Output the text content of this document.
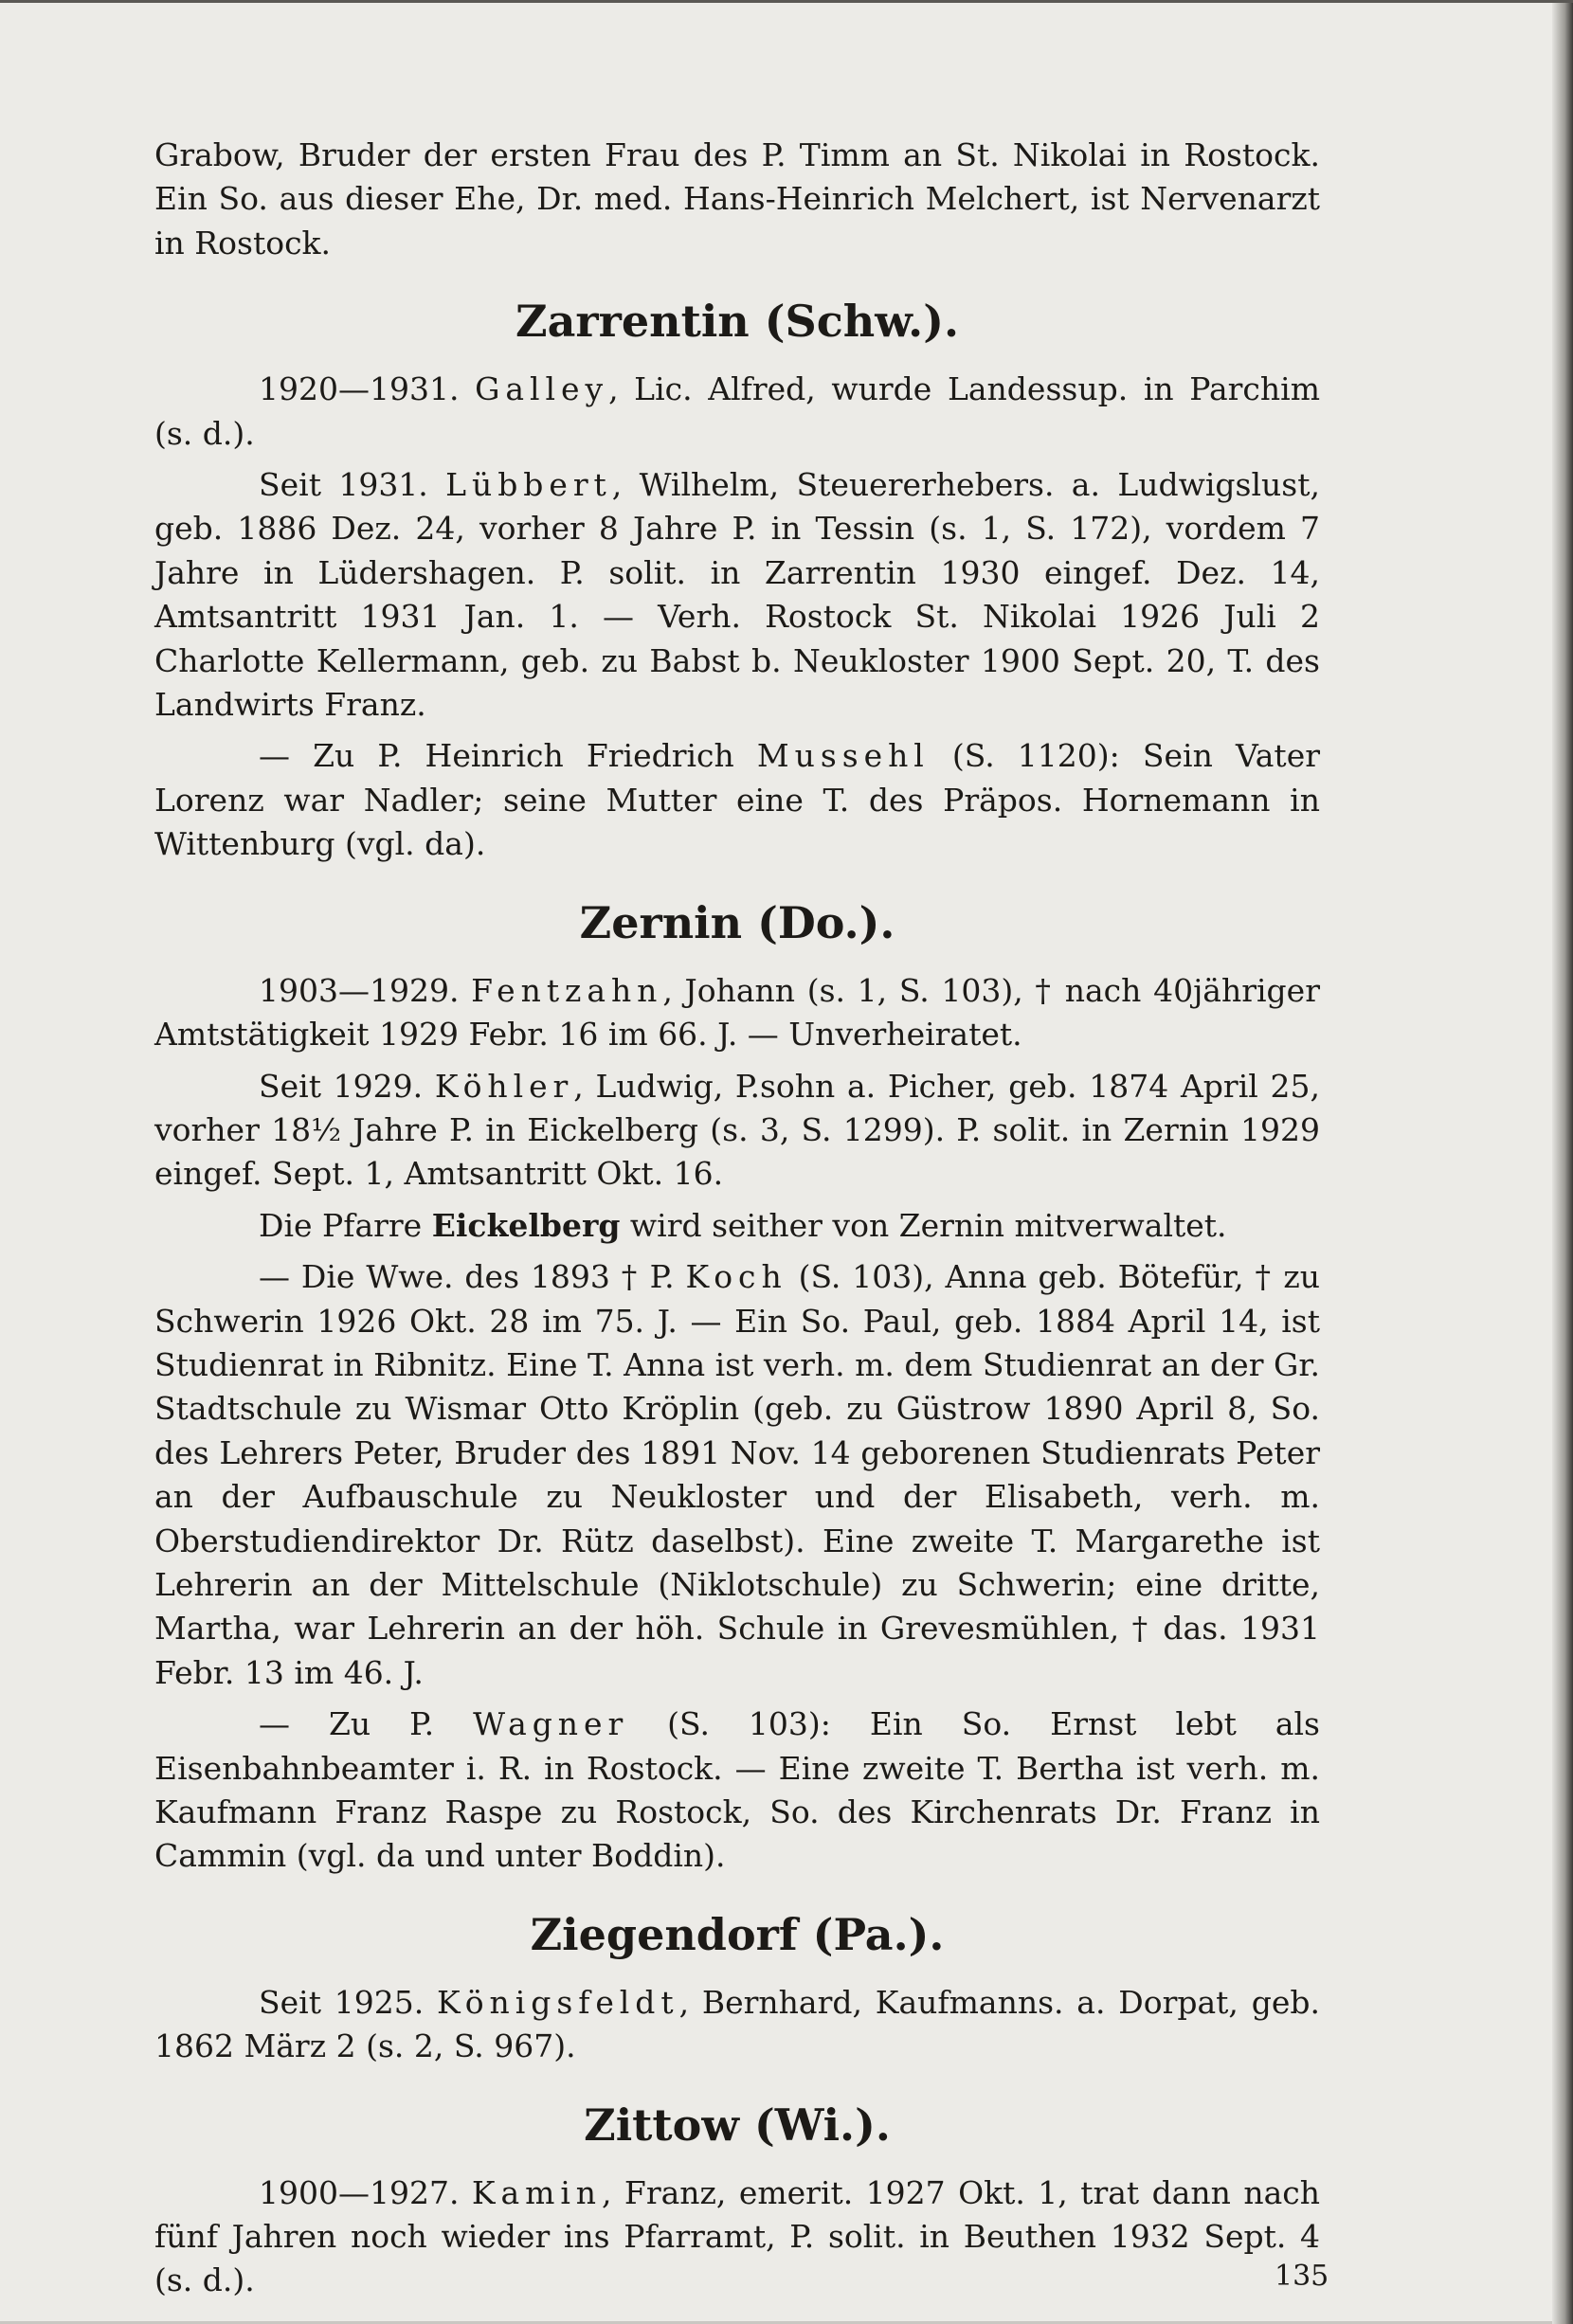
Grabow, Bruder der ersten Frau des P. Timm an St. Nikolai in Rostock. Ein So. aus dieser Ehe, Dr. med. Hans-Heinrich Melchert, ist Nervenarzt in Rostock.

Zarrentin (Schw.).

1920—1931. Galley, Lic. Alfred, wurde Landessup. in Parchim (s. d.).

Seit 1931. Lübbert, Wilhelm, Steuererhebers. a. Ludwigslust, geb. 1886 Dez. 24, vorher 8 Jahre P. in Tessin (s. 1, S. 172), vordem 7 Jahre in Lüdershagen. P. solit. in Zarrentin 1930 eingef. Dez. 14, Amtsantritt 1931 Jan. 1. — Verh. Rostock St. Nikolai 1926 Juli 2 Charlotte Kellermann, geb. zu Babst b. Neukloster 1900 Sept. 20, T. des Landwirts Franz.

— Zu P. Heinrich Friedrich Mussehl (S. 1120): Sein Vater Lorenz war Nadler; seine Mutter eine T. des Präpos. Hornemann in Wittenburg (vgl. da).

Zernin (Do.).

1903—1929. Fentzahn, Johann (s. 1, S. 103), † nach 40jähriger Amtstätigkeit 1929 Febr. 16 im 66. J. — Unverheiratet.

Seit 1929. Köhler, Ludwig, P.sohn a. Picher, geb. 1874 April 25, vorher 18½ Jahre P. in Eickelberg (s. 3, S. 1299). P. solit. in Zernin 1929 eingef. Sept. 1, Amtsantritt Okt. 16.

Die Pfarre Eickelberg wird seither von Zernin mitverwaltet.

— Die Wwe. des 1893 † P. Koch (S. 103), Anna geb. Bötefür, † zu Schwerin 1926 Okt. 28 im 75. J. — Ein So. Paul, geb. 1884 April 14, ist Studienrat in Ribnitz. Eine T. Anna ist verh. m. dem Studienrat an der Gr. Stadtschule zu Wismar Otto Kröplin (geb. zu Güstrow 1890 April 8, So. des Lehrers Peter, Bruder des 1891 Nov. 14 geborenen Studienrats Peter an der Aufbauschule zu Neukloster und der Elisabeth, verh. m. Oberstudiendirektor Dr. Rütz daselbst). Eine zweite T. Margarethe ist Lehrerin an der Mittelschule (Niklotschule) zu Schwerin; eine dritte, Martha, war Lehrerin an der höh. Schule in Grevesmühlen, † das. 1931 Febr. 13 im 46. J.

— Zu P. Wagner (S. 103): Ein So. Ernst lebt als Eisenbahnbeamter i. R. in Rostock. — Eine zweite T. Bertha ist verh. m. Kaufmann Franz Raspe zu Rostock, So. des Kirchenrats Dr. Franz in Cammin (vgl. da und unter Boddin).

Ziegendorf (Pa.).

Seit 1925. Königsfeldt, Bernhard, Kaufmanns. a. Dorpat, geb. 1862 März 2 (s. 2, S. 967).

Zittow (Wi.).

1900—1927. Kamin, Franz, emerit. 1927 Okt. 1, trat dann nach fünf Jahren noch wieder ins Pfarramt, P. solit. in Beuthen 1932 Sept. 4 (s. d.).	135
